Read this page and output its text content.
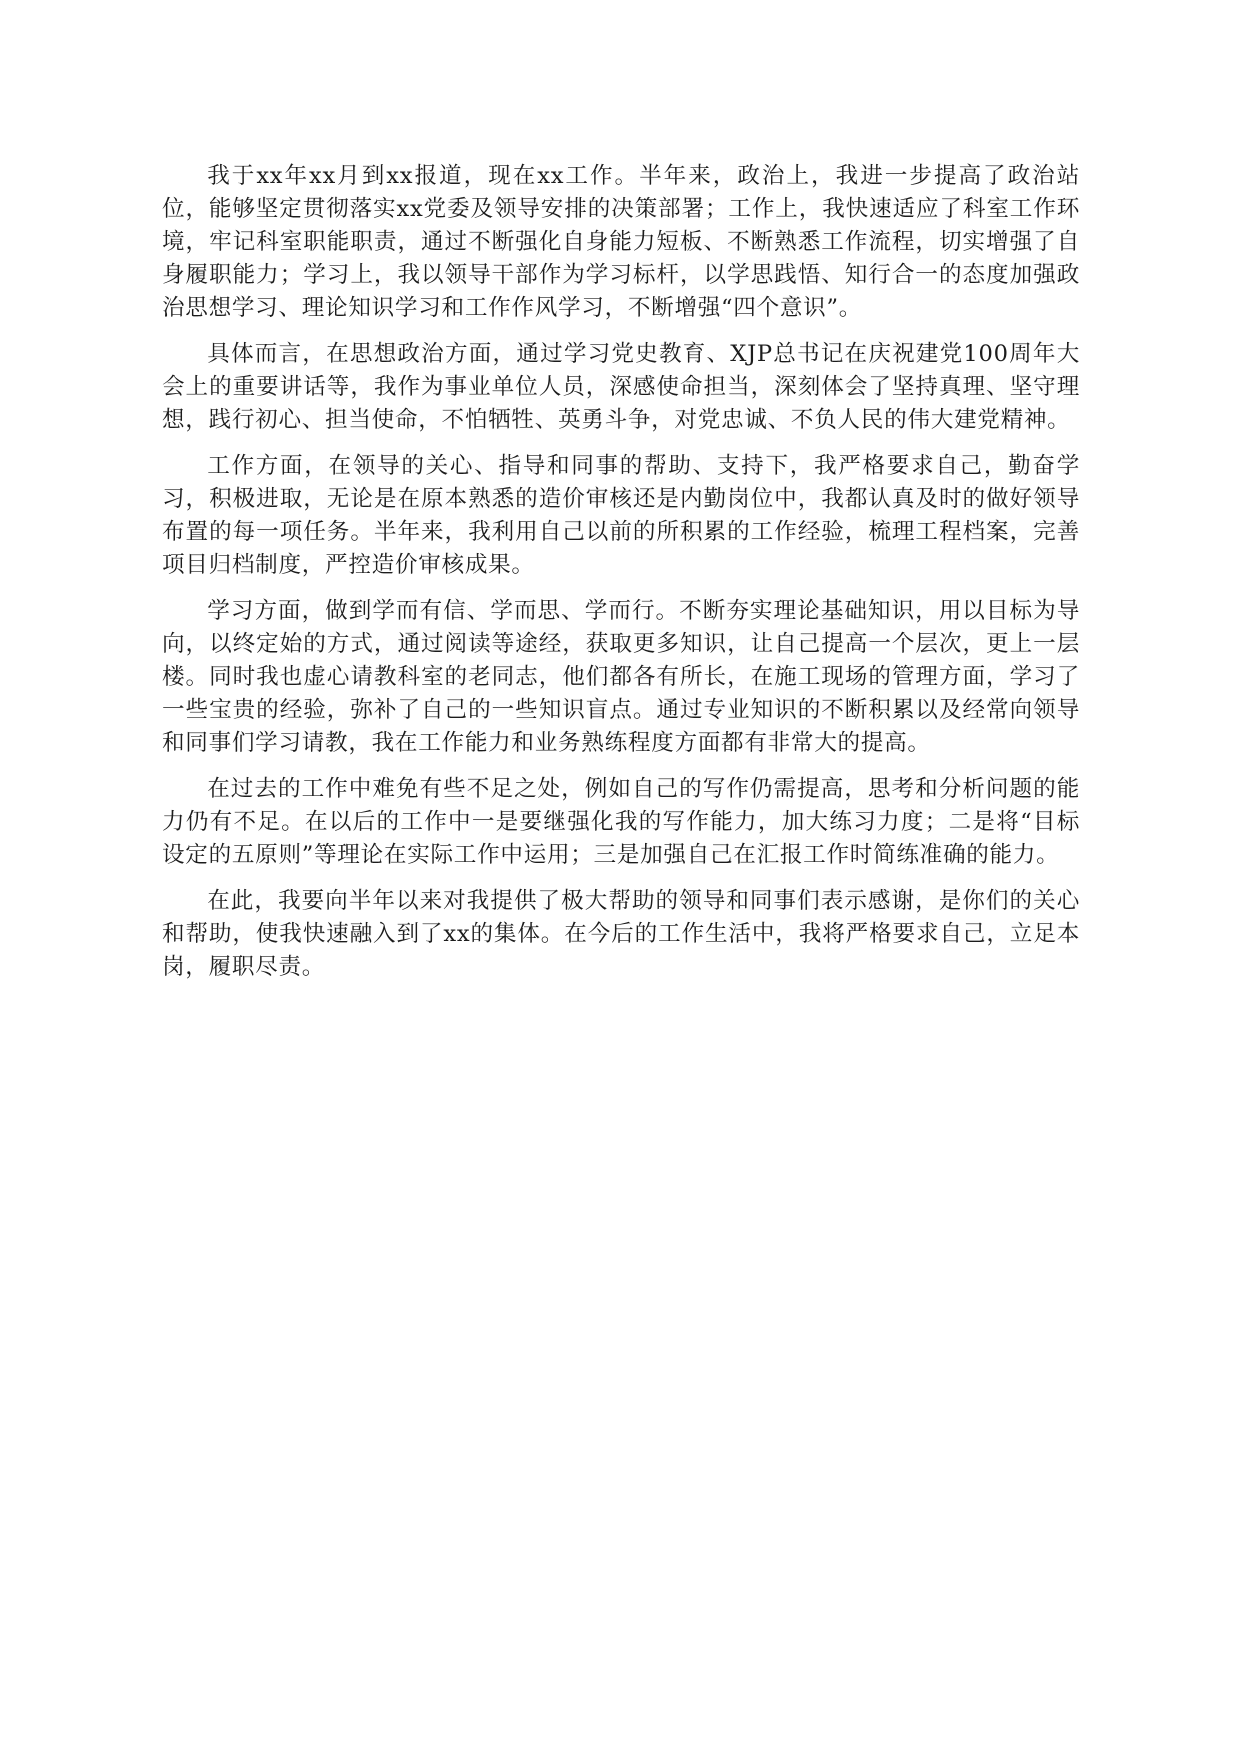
我于xx年xx月到xx报道，现在xx工作。半年来，政治上，我进一步提高了政治站位，能够坚定贯彻落实xx党委及领导安排的决策部署；工作上，我快速适应了科室工作环境，牢记科室职能职责，通过不断强化自身能力短板、不断熟悉工作流程，切实增强了自身履职能力；学习上，我以领导干部作为学习标杆，以学思践悟、知行合一的态度加强政治思想学习、理论知识学习和工作作风学习，不断增强“四个意识”。

具体而言，在思想政治方面，通过学习党史教育、XJP总书记在庆祝建党100周年大会上的重要讲话等，我作为事业单位人员，深感使命担当，深刻体会了坚持真理、坚守理想，践行初心、担当使命，不怕牺牲、英勇斗争，对党忠诚、不负人民的伟大建党精神。

工作方面，在领导的关心、指导和同事的帮助、支持下，我严格要求自己，勤奋学习，积极进取，无论是在原本熟悉的造价审核还是内勤岗位中，我都认真及时的做好领导布置的每一项任务。半年来，我利用自己以前的所积累的工作经验，梳理工程档案，完善项目归档制度，严控造价审核成果。

学习方面，做到学而有信、学而思、学而行。不断夯实理论基础知识，用以目标为导向，以终定始的方式，通过阅读等途经，获取更多知识，让自己提高一个层次，更上一层楼。同时我也虚心请教科室的老同志，他们都各有所长，在施工现场的管理方面，学习了一些宝贵的经验，弥补了自己的一些知识盲点。通过专业知识的不断积累以及经常向领导和同事们学习请教，我在工作能力和业务熟练程度方面都有非常大的提高。

在过去的工作中难免有些不足之处，例如自己的写作仍需提高，思考和分析问题的能力仍有不足。在以后的工作中一是要继强化我的写作能力，加大练习力度；二是将“目标设定的五原则”等理论在实际工作中运用；三是加强自己在汇报工作时简练准确的能力。

在此，我要向半年以来对我提供了极大帮助的领导和同事们表示感谢，是你们的关心和帮助，使我快速融入到了xx的集体。在今后的工作生活中，我将严格要求自己，立足本岗，履职尽责。
